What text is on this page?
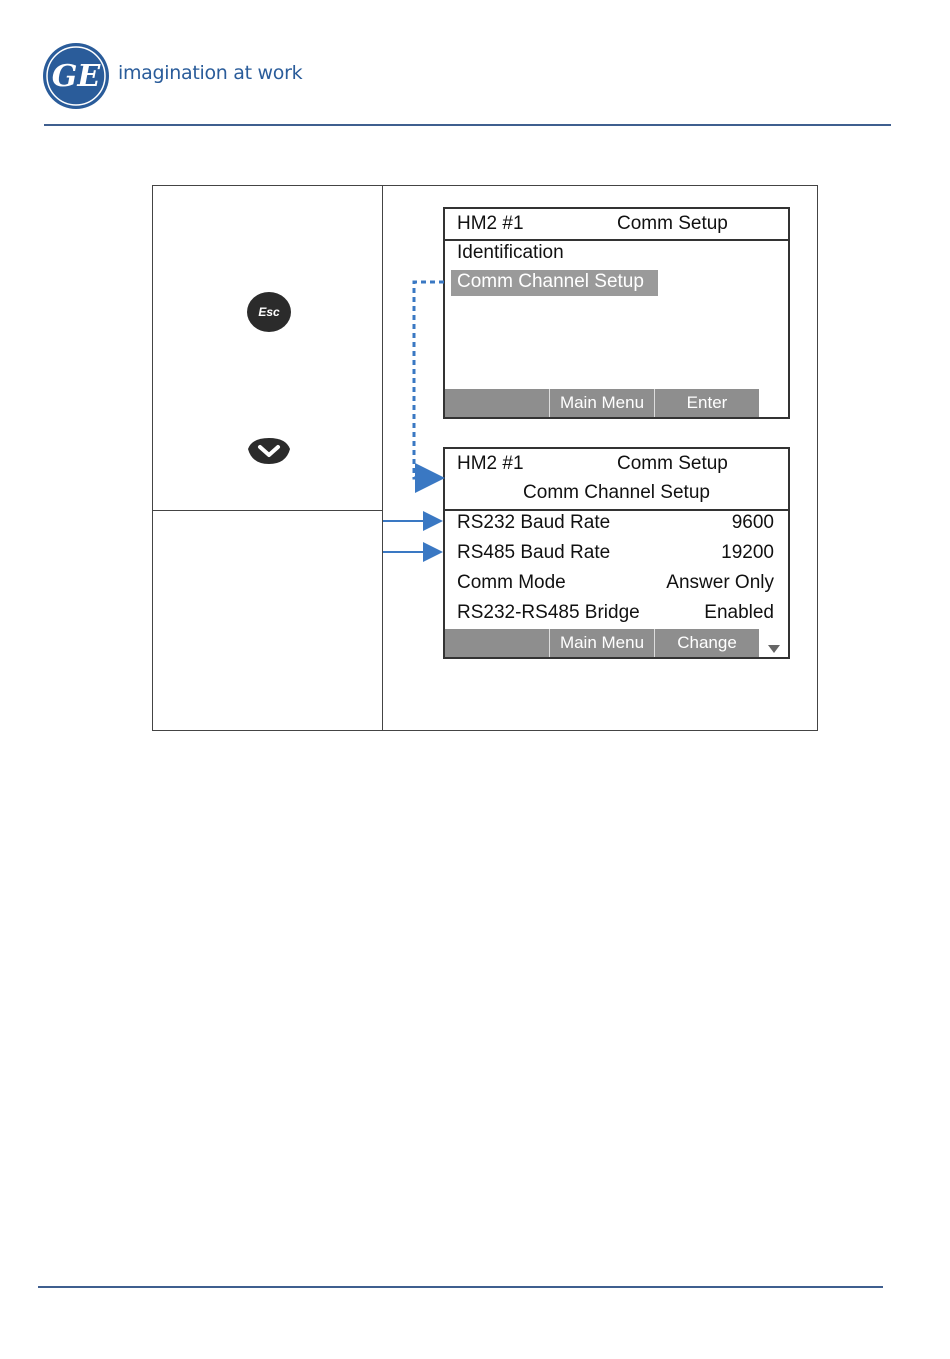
GE imagination at work
Esc
HM2 #1	Comm Setup
Identification
Comm Channel Setup
Main Menu	Enter
HM2 #1	Comm Setup
Comm Channel Setup
RS232 Baud Rate	9600
RS485 Baud Rate	19200
Comm Mode	Answer Only
RS232-RS485 Bridge	Enabled
Main Menu	Change
